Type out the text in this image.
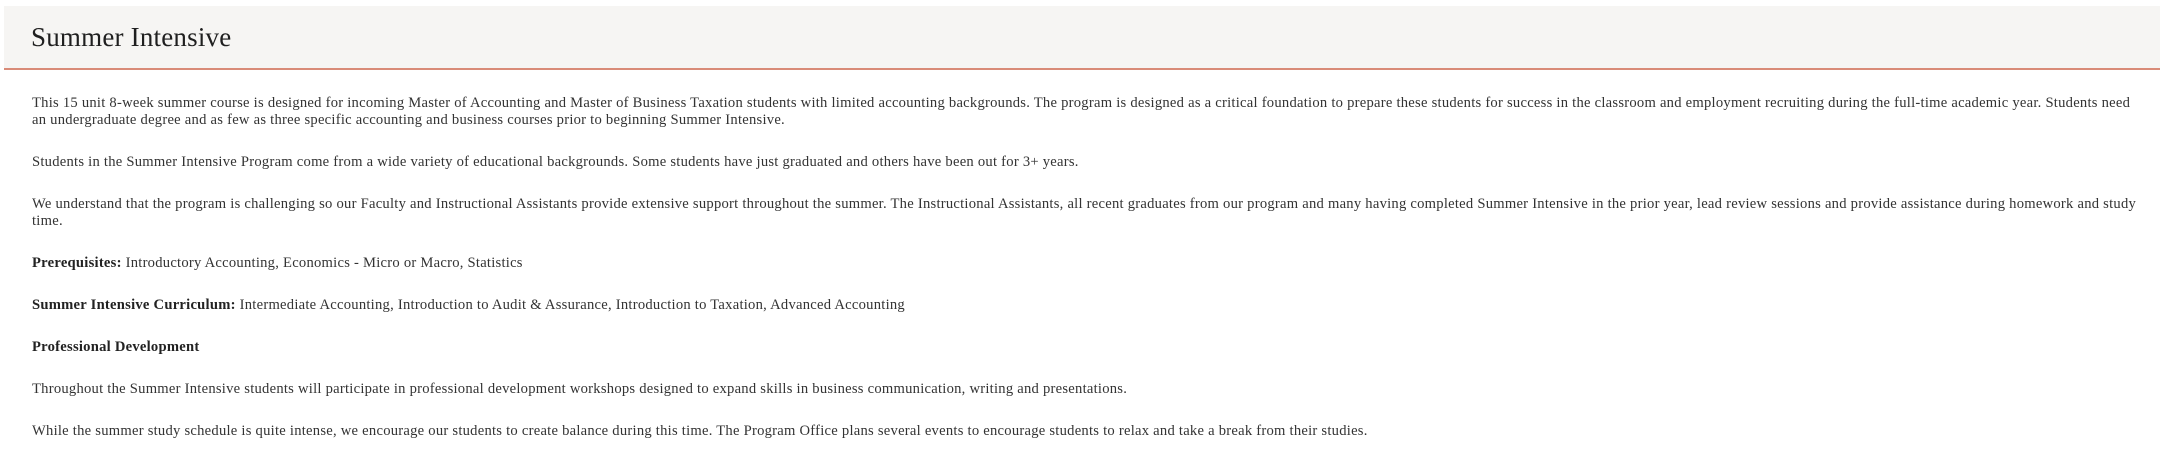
Summer Intensive

This 15 unit 8-week summer course is designed for incoming Master of Accounting and Master of Business Taxation students with limited accounting backgrounds. The program is designed as a critical foundation to prepare these students for success in the classroom and employment recruiting during the full-time academic year. Students need an undergraduate degree and as few as three specific accounting and business courses prior to beginning Summer Intensive.

Students in the Summer Intensive Program come from a wide variety of educational backgrounds. Some students have just graduated and others have been out for 3+ years.

We understand that the program is challenging so our Faculty and Instructional Assistants provide extensive support throughout the summer. The Instructional Assistants, all recent graduates from our program and many having completed Summer Intensive in the prior year, lead review sessions and provide assistance during homework and study time.

Prerequisites: Introductory Accounting, Economics - Micro or Macro, Statistics

Summer Intensive Curriculum: Intermediate Accounting, Introduction to Audit & Assurance, Introduction to Taxation, Advanced Accounting

Professional Development

Throughout the Summer Intensive students will participate in professional development workshops designed to expand skills in business communication, writing and presentations.

While the summer study schedule is quite intense, we encourage our students to create balance during this time. The Program Office plans several events to encourage students to relax and take a break from their studies.
